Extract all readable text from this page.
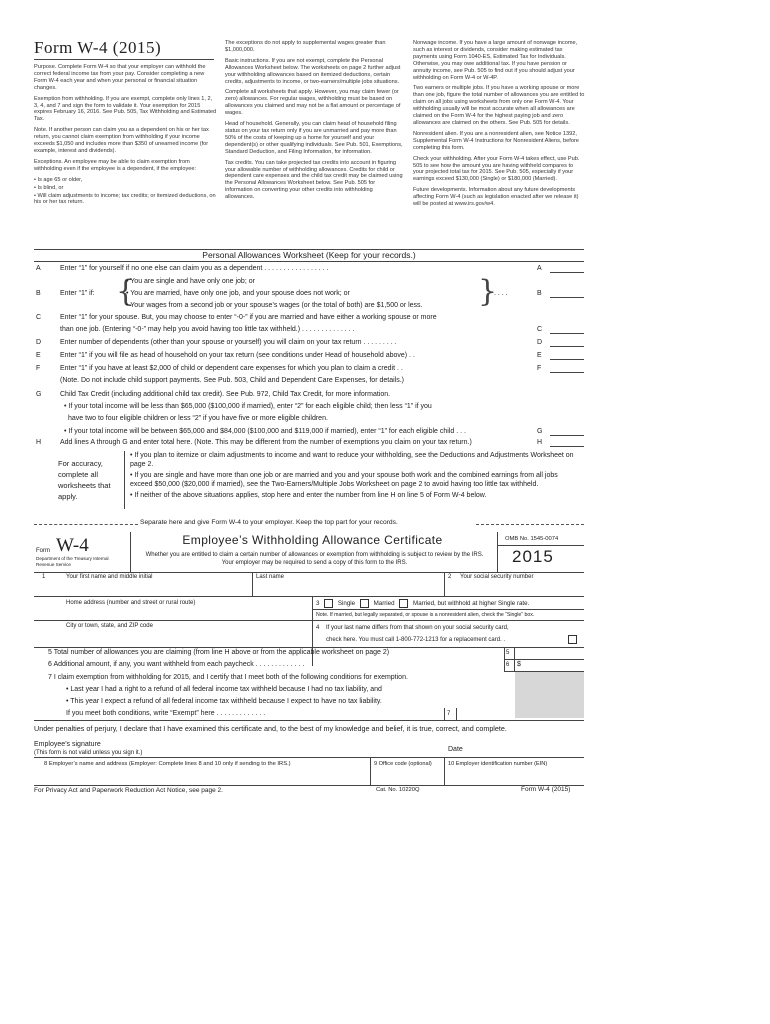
Form W-4 (2015)

Purpose. Complete Form W-4 so that your employer can withhold the correct federal income tax from your pay. Consider completing a new Form W-4 each year and when your personal or financial situation changes.

Exemption from withholding. If you are exempt, complete only lines 1, 2, 3, 4, and 7 and sign the form to validate it. Your exemption for 2015 expires February 16, 2016. See Pub. 505, Tax Withholding and Estimated Tax.

Note. If another person can claim you as a dependent on his or her tax return, you cannot claim exemption from withholding if your income exceeds $1,050 and includes more than $350 of unearned income (for example, interest and dividends).

Exceptions. An employee may be able to claim exemption from withholding even if the employee is a dependent, if the employee:

• Is age 65 or older,

• Is blind, or

• Will claim adjustments to income; tax credits; or itemized deductions, on his or her tax return.

The exceptions do not apply to supplemental wages greater than $1,000,000.

Basic instructions. If you are not exempt, complete the Personal Allowances Worksheet below. The worksheets on page 2 further adjust your withholding allowances based on itemized deductions, certain credits, adjustments to income, or two-earners/multiple jobs situations.

Complete all worksheets that apply. However, you may claim fewer (or zero) allowances. For regular wages, withholding must be based on allowances you claimed and may not be a flat amount or percentage of wages.

Head of household. Generally, you can claim head of household filing status on your tax return only if you are unmarried and pay more than 50% of the costs of keeping up a home for yourself and your dependent(s) or other qualifying individuals. See Pub. 501, Exemptions, Standard Deduction, and Filing Information, for information.

Tax credits. You can take projected tax credits into account in figuring your allowable number of withholding allowances. Credits for child or dependent care expenses and the child tax credit may be claimed using the Personal Allowances Worksheet below. See Pub. 505 for information on converting your other credits into withholding allowances.

Nonwage income. If you have a large amount of nonwage income, such as interest or dividends, consider making estimated tax payments using Form 1040-ES, Estimated Tax for Individuals. Otherwise, you may owe additional tax. If you have pension or annuity income, see Pub. 505 to find out if you should adjust your withholding on Form W-4 or W-4P.

Two earners or multiple jobs. If you have a working spouse or more than one job, figure the total number of allowances you are entitled to claim on all jobs using worksheets from only one Form W-4. Your withholding usually will be most accurate when all allowances are claimed on the Form W-4 for the highest paying job and zero allowances are claimed on the others. See Pub. 505 for details.

Nonresident alien. If you are a nonresident alien, see Notice 1392, Supplemental Form W-4 Instructions for Nonresident Aliens, before completing this form.

Check your withholding. After your Form W-4 takes effect, use Pub. 505 to see how the amount you are having withheld compares to your projected total tax for 2015. See Pub. 505, especially if your earnings exceed $130,000 (Single) or $180,000 (Married).

Future developments. Information about any future developments affecting Form W-4 (such as legislation enacted after we release it) will be posted at www.irs.gov/w4.

Personal Allowances Worksheet (Keep for your records.)
A	Enter “1” for yourself if no one else can claim you as a dependent . . . . . . . . . . . . . . . . .	A
B	Enter “1” if: {
• You are single and have only one job; or
• You are married, have only one job, and your spouse does not work; or
• Your wages from a second job or your spouse’s wages (or the total of both) are $1,500 or less. }
. . . .	B
C	Enter “1” for your spouse. But, you may choose to enter “-0-” if you are married and have either a working spouse or more
than one job. (Entering “-0-” may help you avoid having too little tax withheld.) . . . . . . . . . . . . . .	C
D	Enter number of dependents (other than your spouse or yourself) you will claim on your tax return . . . . . . . . .	D
E	Enter “1” if you will file as head of household on your tax return (see conditions under Head of household above) . .	E
F	Enter “1” if you have at least $2,000 of child or dependent care expenses for which you plan to claim a credit . .
(Note. Do not include child support payments. See Pub. 503, Child and Dependent Care Expenses, for details.)
F
G	Child Tax Credit (including additional child tax credit). See Pub. 972, Child Tax Credit, for more information.
• If your total income will be less than $65,000 ($100,000 if married), enter “2” for each eligible child; then less “1” if you
have two to four eligible children or less “2” if you have five or more eligible children.
• If your total income will be between $65,000 and $84,000 ($100,000 and $119,000 if married), enter “1” for each eligible child . . .	G
H	Add lines A through G and enter total here. (Note. This may be different from the number of exemptions you claim on your tax return.)	H
For accuracy, complete all worksheets that apply.
• If you plan to itemize or claim adjustments to income and want to reduce your withholding, see the Deductions and Adjustments Worksheet on page 2.
• If you are single and have more than one job or are married and you and your spouse both work and the combined earnings from all jobs exceed $50,000 ($20,000 if married), see the Two-Earners/Multiple Jobs Worksheet on page 2 to avoid having too little tax withheld.
• If neither of the above situations applies, stop here and enter the number from line H on line 5 of Form W-4 below.
Separate here and give Form W-4 to your employer. Keep the top part for your records.
Form W-4
Department of the Treasury Internal Revenue Service
Employee’s Withholding Allowance Certificate
Whether you are entitled to claim a certain number of allowances or exemption from withholding is subject to review by the IRS. Your employer may be required to send a copy of this form to the IRS.
OMB No. 1545-0074
2015
1	Your first name and middle initial	Last name	2 Your social security number
Home address (number and street or rural route)	3	Single	Married	Married, but withhold at higher Single rate.
Note. If married, but legally separated, or spouse is a nonresident alien, check the “Single” box.
City or town, state, and ZIP code	4 If your last name differs from that shown on your social security card,
check here. You must call 1-800-772-1213 for a replacement card. .
5 Total number of allowances you are claiming (from line H above or from the applicable worksheet on page 2)	5
6 Additional amount, if any, you want withheld from each paycheck . . . . . . . . . . . . .	6 $
7 I claim exemption from withholding for 2015, and I certify that I meet both of the following conditions for exemption.
• Last year I had a right to a refund of all federal income tax withheld because I had no tax liability, and
• This year I expect a refund of all federal income tax withheld because I expect to have no tax liability.
If you meet both conditions, write “Exempt” here . . . . . . . . . . . . .	7
Under penalties of perjury, I declare that I have examined this certificate and, to the best of my knowledge and belief, it is true, correct, and complete.
Employee’s signature
(This form is not valid unless you sign it.)	Date
8 Employer’s name and address (Employer: Complete lines 8 and 10 only if sending to the IRS.)	9 Office code (optional)	10 Employer identification number (EIN)
For Privacy Act and Paperwork Reduction Act Notice, see page 2.	Cat. No. 10220Q	Form W-4 (2015)
